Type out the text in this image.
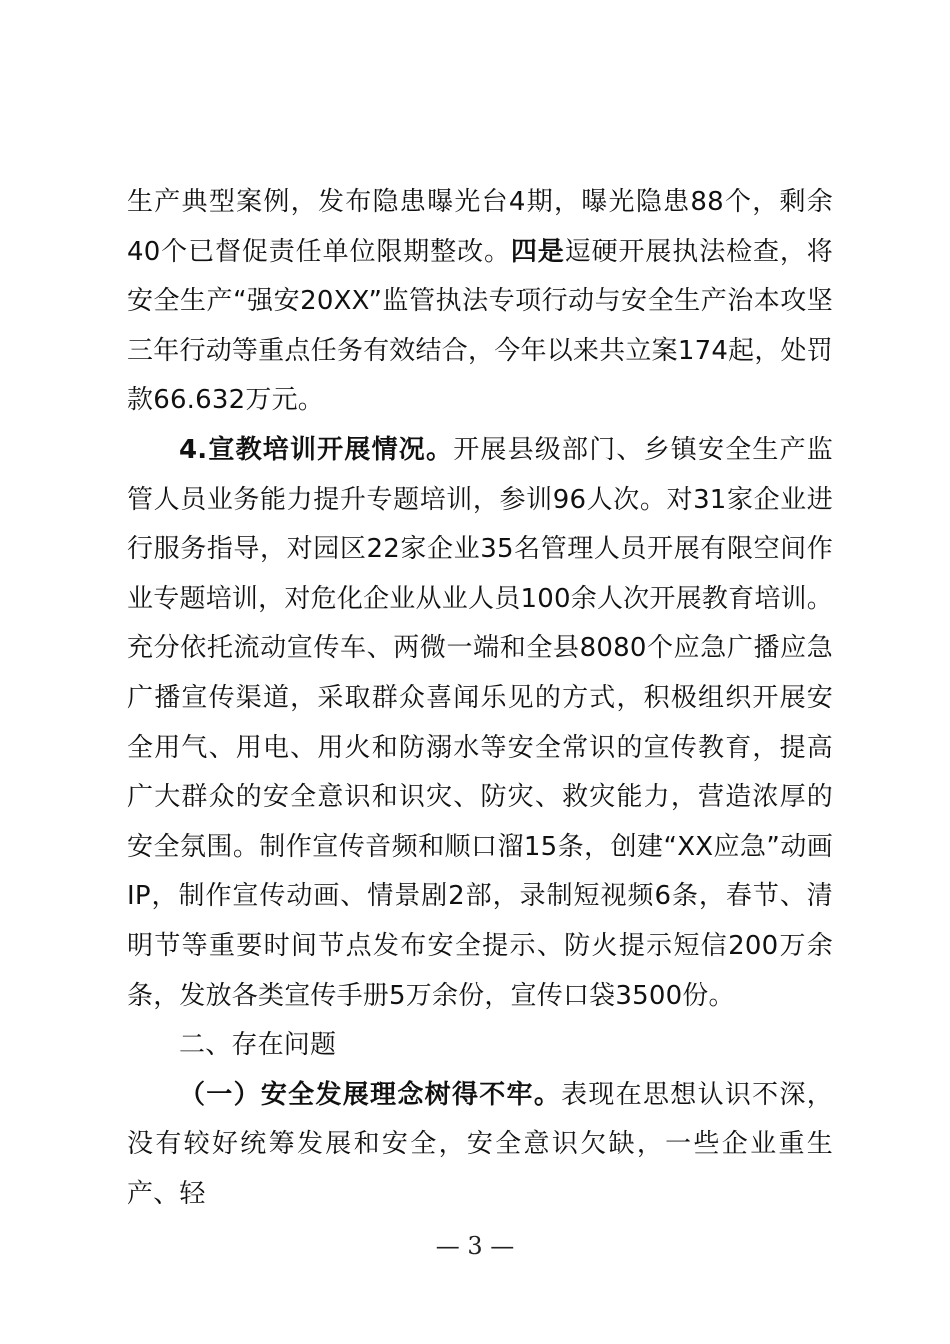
生产典型案例，发布隐患曝光台4期，曝光隐患88个，剩余40个已督促责任单位限期整改。四是逗硬开展执法检查，将安全生产“强安20XX”监管执法专项行动与安全生产治本攻坚三年行动等重点任务有效结合，今年以来共立案174起，处罚款66.632万元。

4.宣教培训开展情况。开展县级部门、乡镇安全生产监管人员业务能力提升专题培训，参训96人次。对31家企业进行服务指导，对园区22家企业35名管理人员开展有限空间作业专题培训，对危化企业从业人员100余人次开展教育培训。充分依托流动宣传车、两微一端和全县8080个应急广播应急广播宣传渠道，采取群众喜闻乐见的方式，积极组织开展安全用气、用电、用火和防溺水等安全常识的宣传教育，提高广大群众的安全意识和识灾、防灾、救灾能力，营造浓厚的安全氛围。制作宣传音频和顺口溜15条，创建“XX应急”动画IP，制作宣传动画、情景剧2部，录制短视频6条，春节、清明节等重要时间节点发布安全提示、防火提示短信200万余条，发放各类宣传手册5万余份，宣传口袋3500份。

二、存在问题

（一）安全发展理念树得不牢。表现在思想认识不深，没有较好统筹发展和安全，安全意识欠缺，一些企业重生产、轻

— 3 —
